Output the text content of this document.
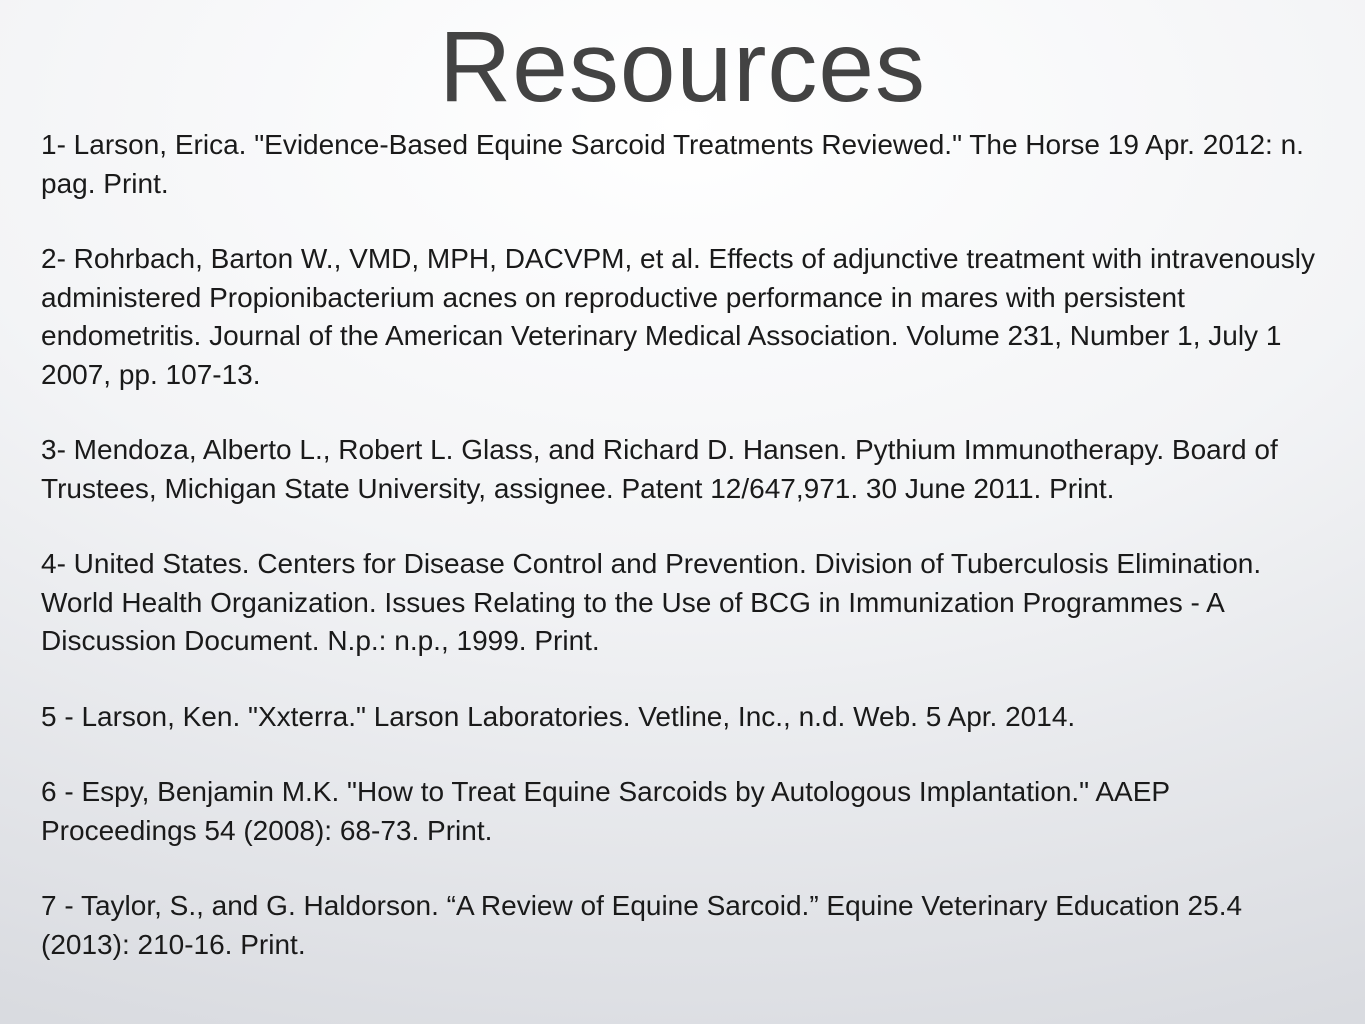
Resources
1- Larson, Erica. "Evidence-Based Equine Sarcoid Treatments Reviewed." The Horse 19 Apr. 2012: n. pag. Print.
2- Rohrbach, Barton W., VMD, MPH, DACVPM, et al. Effects of adjunctive treatment with intravenously administered Propionibacterium acnes on reproductive performance in mares with persistent endometritis. Journal of the American Veterinary Medical Association. Volume 231, Number 1, July 1 2007, pp. 107-13.
3- Mendoza, Alberto L., Robert L. Glass, and Richard D. Hansen. Pythium Immunotherapy. Board of Trustees, Michigan State University, assignee. Patent 12/647,971. 30 June 2011. Print.
4- United States. Centers for Disease Control and Prevention. Division of Tuberculosis Elimination. World Health Organization. Issues Relating to the Use of BCG in Immunization Programmes - A Discussion Document. N.p.: n.p., 1999. Print.
5 - Larson, Ken. "Xxterra." Larson Laboratories. Vetline, Inc., n.d. Web. 5 Apr. 2014.
6 - Espy, Benjamin M.K. "How to Treat Equine Sarcoids by Autologous Implantation." AAEP Proceedings 54 (2008): 68-73. Print.
7 - Taylor, S., and G. Haldorson. “A Review of Equine Sarcoid.” Equine Veterinary Education 25.4 (2013): 210-16. Print.
